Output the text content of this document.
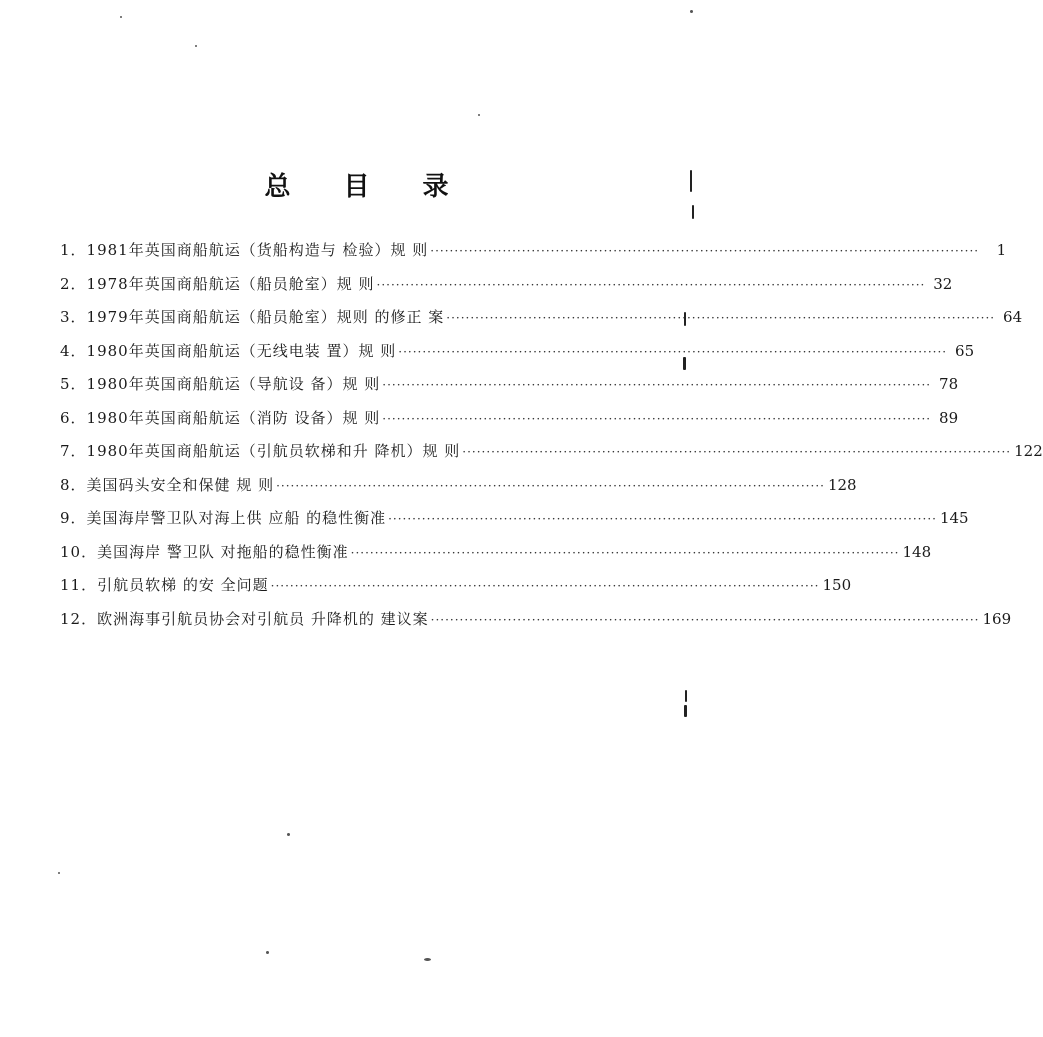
总 目 录
1． 1981年英国商船航运（货船构造与 检验）规 则 ·····	1
2． 1978年英国商船航运（船员舱室）规 则 ·····	32
3． 1979年英国商船航运（船员舱室）规则 的修正 案 ·····	64
4． 1980年英国商船航运（无线电装 置）规 则 ·····	65
5． 1980年英国商船航运（导航设 备）规 则 ·····	78
6． 1980年英国商船航运（消防 设备）规 则 ·····	89
7． 1980年英国商船航运（引航员软梯和升 降机）规 则 ·····	122
8． 美国码头安全和保健 规 则 ·····	128
9． 美国海岸警卫队对海上供 应船 的稳性衡准 ·····	145
10． 美国海岸 警卫队 对拖船的稳性衡准 ·····	148
11． 引航员软梯 的安 全问题 ·····	150
12． 欧洲海事引航员协会对引航员 升降机的 建议案 ·····	169
